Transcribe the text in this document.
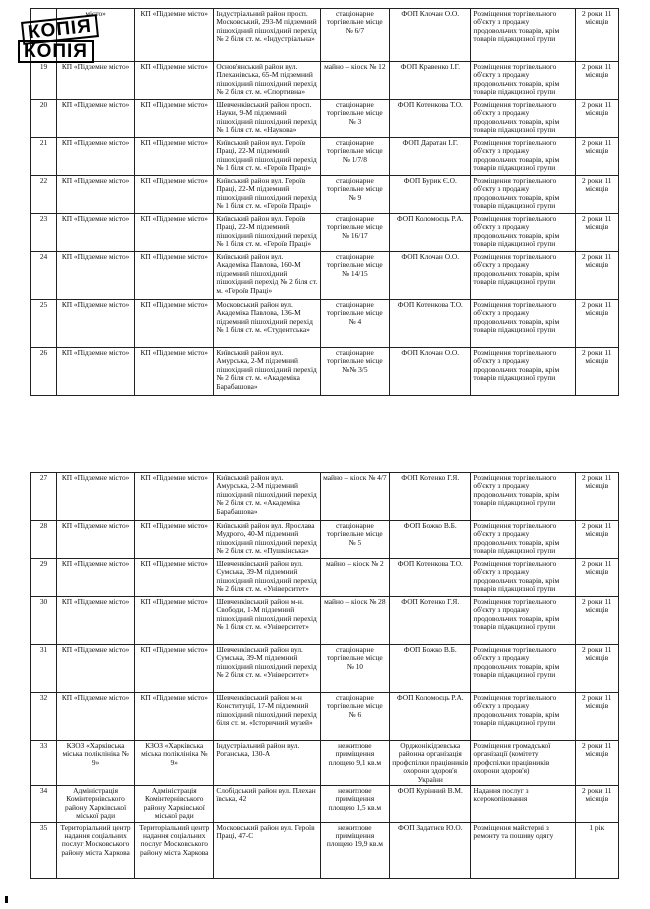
	місто»	КП «Підземне місто»	Індустріальний район просп. Московський, 293-М підземний пішохідний пішохідний перехід № 2 біля ст. м. «Індустріальна»	стаціонарне торгівельне місце № 6/7	ФОП Клочан О.О.	Розміщення торгівельного об'єкту з продажу продовольчих товарів, крім товарів підакцизної групи	2 роки 11 місяців
19	КП «Підземне місто»	КП «Підземне місто»	Основ'янський район вул. Плеханівська, 65-М підземний пішохідний пішохідний перехід № 2 біля ст. м. «Спортивна»	майно – кіоск № 12	ФОП Кравенко І.Г.	Розміщення торгівельного об'єкту з продажу продовольчих товарів, крім товарів підакцизної групи	2 роки 11 місяців
20	КП «Підземне місто»	КП «Підземне місто»	Шевченківський район просп. Науки, 9-М підземний пішохідний пішохідний перехід № 1 біля ст. м. «Наукова»	стаціонарне торгівельне місце № 3	ФОП Котенкова Т.О.	Розміщення торгівельного об'єкту з продажу продовольчих товарів, крім товарів підакцизної групи	2 роки 11 місяців
21	КП «Підземне місто»	КП «Підземне місто»	Київський район вул. Героїв Праці, 22-М підземний пішохідний пішохідний перехід № 1 біля ст. м. «Героїв Праці»	стаціонарне торгівельне місце № 1/7/8	ФОП Даратан І.Г.	Розміщення торгівельного об'єкту з продажу продовольчих товарів, крім товарів підакцизної групи	2 роки 11 місяців
22	КП «Підземне місто»	КП «Підземне місто»	Київський район вул. Героїв Праці, 22-М підземний пішохідний пішохідний перехід № 1 біля ст. м. «Героїв Праці»	стаціонарне торгівельне місце № 9	ФОП Бурик Є.О.	Розміщення торгівельного об'єкту з продажу продовольчих товарів, крім товарів підакцизної групи	2 роки 11 місяців
23	КП «Підземне місто»	КП «Підземне місто»	Київський район вул. Героїв Праці, 22-М підземний пішохідний пішохідний перехід № 1 біля ст. м. «Героїв Праці»	стаціонарне торгівельне місце № 16/17	ФОП Коломоєць Р.А.	Розміщення торгівельного об'єкту з продажу продовольчих товарів, крім товарів підакцизної групи	2 роки 11 місяців
24	КП «Підземне місто»	КП «Підземне місто»	Київський район вул. Академіка Павлова, 160-М підземний пішохідний пішохідний перехід № 2 біля ст. м. «Героїв Праці»	стаціонарне торгівельне місце № 14/15	ФОП Клочан О.О.	Розміщення торгівельного об'єкту з продажу продовольчих товарів, крім товарів підакцизної групи	2 роки 11 місяців
25	КП «Підземне місто»	КП «Підземне місто»	Московський район вул. Академіка Павлова, 136-М підземний пішохідний перехід № 1 біля ст. м. «Студентська»	стаціонарне торгівельне місце № 4	ФОП Котенкова Т.О.	Розміщення торгівельного об'єкту з продажу продовольчих товарів, крім товарів підакцизної групи	2 роки 11 місяців
26	КП «Підземне місто»	КП «Підземне місто»	Київський район вул. Амурська, 2-М підземний пішохідний пішохідний перехід № 2 біля ст. м. «Академіка Барабашова»	стаціонарне торгівельне місце №№ 3/5	ФОП Клочан О.О.	Розміщення торгівельного об'єкту з продажу продовольчих товарів, крім товарів підакцизної групи	2 роки 11 місяців
27	КП «Підземне місто»	КП «Підземне місто»	Київський район вул. Амурська, 2-М підземний пішохідний пішохідний перехід № 2 біля ст. м. «Академіка Барабашова»	майно – кіоск № 4/7	ФОП Котенко Г.Я.	Розміщення торгівельного об'єкту з продажу продовольчих товарів, крім товарів підакцизної групи	2 роки 11 місяців
28	КП «Підземне місто»	КП «Підземне місто»	Київський район вул. Ярослава Мудрого, 40-М підземний пішохідний пішохідний перехід № 2 біля ст. м. «Пушкінська»	стаціонарне торгівельне місце № 5	ФОП Божко В.Б.	Розміщення торгівельного об'єкту з продажу продовольчих товарів, крім товарів підакцизної групи	2 роки 11 місяців
29	КП «Підземне місто»	КП «Підземне місто»	Шевченківський район вул. Сумська, 39-М підземний пішохідний пішохідний перехід № 2 біля ст. м. «Університет»	майно – кіоск № 2	ФОП Котенкова Т.О.	Розміщення торгівельного об'єкту з продажу продовольчих товарів, крім товарів підакцизної групи	2 роки 11 місяців
30	КП «Підземне місто»	КП «Підземне місто»	Шевченківський район м-н. Свободи, 1-М підземний пішохідний пішохідний перехід № 1 біля ст. м. «Університет»	майно – кіоск № 28	ФОП Котенко Г.Я.	Розміщення торгівельного об'єкту з продажу продовольчих товарів, крім товарів підакцизної групи	2 роки 11 місяців
31	КП «Підземне місто»	КП «Підземне місто»	Шевченківський район вул. Сумська, 39-М підземний пішохідний пішохідний перехід № 2 біля ст. м. «Університет»	стаціонарне торгівельне місце № 10	ФОП Божко В.Б.	Розміщення торгівельного об'єкту з продажу продовольчих товарів, крім товарів підакцизної групи	2 роки 11 місяців
32	КП «Підземне місто»	КП «Підземне місто»	Шевченківський район м-н Конституції, 17-М підземний пішохідний пішохідний перехід біля ст. м. «Історичний музей»	стаціонарне торгівельне місце № 6	ФОП Коломоєць Р.А.	Розміщення торгівельного об'єкту з продажу продовольчих товарів, крім товарів підакцизної групи	2 роки 11 місяців
33	КЗОЗ «Харківська міська поліклініка № 9»	КЗОЗ «Харківська міська поліклініка № 9»	Індустріальний район вул. Роганська, 130-А	нежитлове приміщення площею 9,1 кв.м	Орджонікідзевська районна організація профспілки працівників охорони здоров'я України	Розміщення громадської організації (комітету профспілки працівників охорони здоров'я)	2 роки 11 місяців
34	Адміністрація Комінтернівського району Харківської міської ради	Адміністрація Комінтернівського району Харківської міської ради	Слобідський район вул. Плехан ївська, 42	нежитлове приміщення площею 1,5 кв.м	ФОП Курінний В.М.	Надання послуг з ксерокопіювання	2 роки 11 місяців
35	Територіальний центр надання соціальних послуг Московського району міста Харкова	Територіальний центр надання соціальних послуг Московського району міста Харкова	Московський район вул. Героїв Праці, 47-С	нежитлове приміщення площею 19,9 кв.м	ФОП Задатнєв Ю.О.	Розміщення майстерні з ремонту та пошиву одягу	1 рік
КОПІЯ
КОПІЯ
